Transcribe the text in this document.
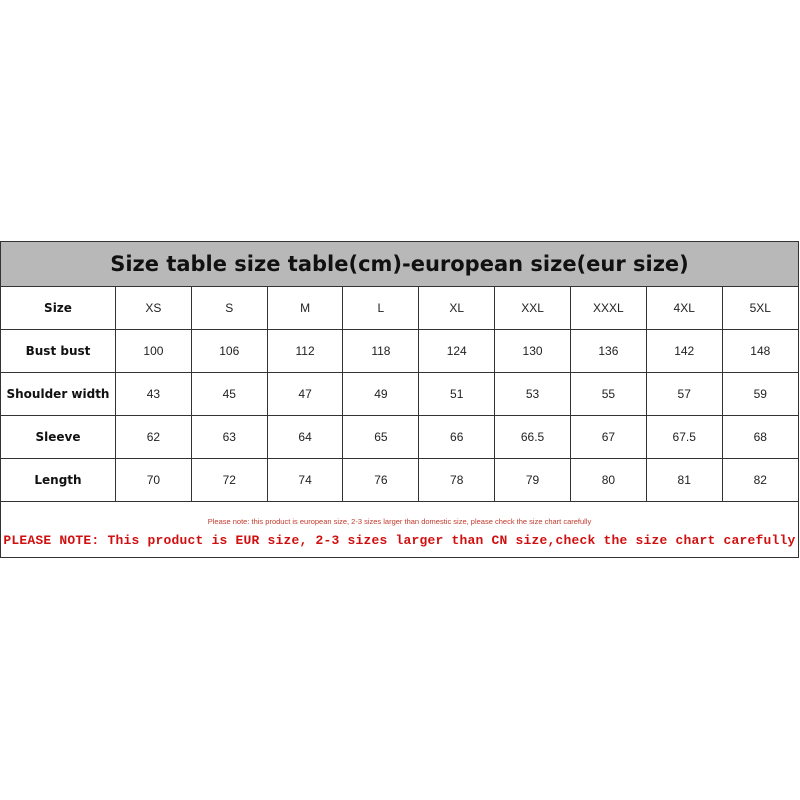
Size table size table(cm)-european size(eur size)
Size	XS	S	M	L	XL	XXL	XXXL	4XL	5XL
Bust bust	100	106	112	118	124	130	136	142	148
Shoulder width	43	45	47	49	51	53	55	57	59
Sleeve	62	63	64	65	66	66.5	67	67.5	68
Length	70	72	74	76	78	79	80	81	82
Please note: this product is european size, 2-3 sizes larger than domestic size, please check the size chart carefully
PLEASE NOTE: This product is EUR size, 2-3 sizes larger than CN size,check the size chart carefully
